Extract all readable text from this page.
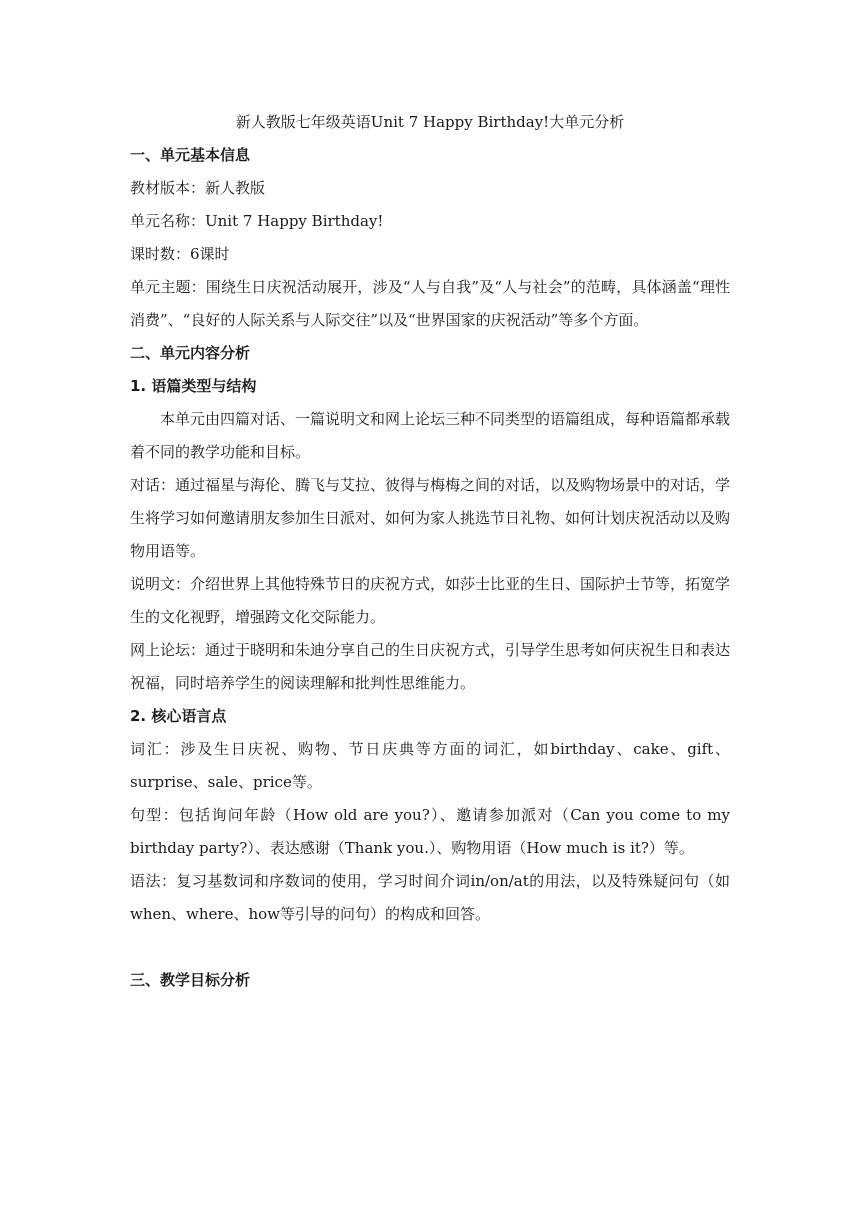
新人教版七年级英语Unit 7 Happy Birthday!大单元分析

一、单元基本信息

教材版本：新人教版

单元名称：Unit 7 Happy Birthday!

课时数：6课时

单元主题：围绕生日庆祝活动展开，涉及“人与自我”及“人与社会”的范畴，具体涵盖“理性消费”、“良好的人际关系与人际交往”以及“世界国家的庆祝活动”等多个方面。

二、单元内容分析

1. 语篇类型与结构

本单元由四篇对话、一篇说明文和网上论坛三种不同类型的语篇组成，每种语篇都承载着不同的教学功能和目标。

对话：通过福星与海伦、腾飞与艾拉、彼得与梅梅之间的对话，以及购物场景中的对话，学生将学习如何邀请朋友参加生日派对、如何为家人挑选节日礼物、如何计划庆祝活动以及购物用语等。

说明文：介绍世界上其他特殊节日的庆祝方式，如莎士比亚的生日、国际护士节等，拓宽学生的文化视野，增强跨文化交际能力。

网上论坛：通过于晓明和朱迪分享自己的生日庆祝方式，引导学生思考如何庆祝生日和表达祝福，同时培养学生的阅读理解和批判性思维能力。

2. 核心语言点

词汇：涉及生日庆祝、购物、节日庆典等方面的词汇，如birthday、cake、gift、surprise、sale、price等。

句型：包括询问年龄（How old are you?）、邀请参加派对（Can you come to my birthday party?）、表达感谢（Thank you.）、购物用语（How much is it?）等。

语法：复习基数词和序数词的使用，学习时间介词in/on/at的用法，以及特殊疑问句（如when、where、how等引导的问句）的构成和回答。

三、教学目标分析
